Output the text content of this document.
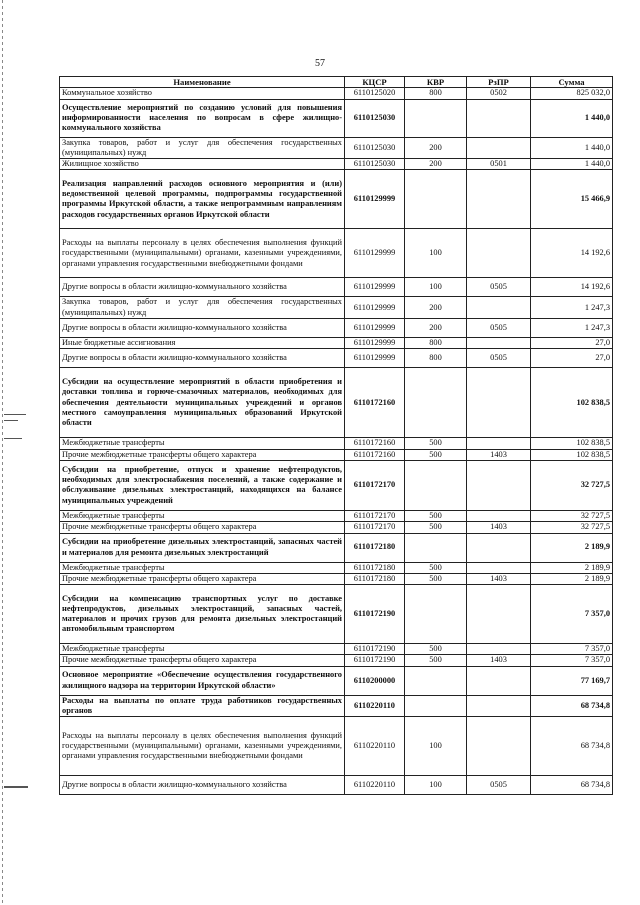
57
Наименование	КЦСР	КВР	РзПР	Сумма
Коммунальное хозяйство	6110125020	800	0502	825 032,0
Осуществление мероприятий по созданию условий для повышения информированности населения по вопросам в сфере жилищно-коммунального хозяйства	6110125030			1 440,0
Закупка товаров, работ и услуг для обеспечения государственных (муниципальных) нужд	6110125030	200		1 440,0
Жилищное хозяйство	6110125030	200	0501	1 440,0
Реализация направлений расходов основного мероприятия и (или) ведомственной целевой программы, подпрограммы государственной программы Иркутской области, а также непрограммным направлениям расходов государственных органов Иркутской области	6110129999			15 466,9
Расходы на выплаты персоналу в целях обеспечения выполнения функций государственными (муниципальными) органами, казенными учреждениями, органами управления государственными внебюджетными фондами	6110129999	100		14 192,6
Другие вопросы в области жилищно-коммунального хозяйства	6110129999	100	0505	14 192,6
Закупка товаров, работ и услуг для обеспечения государственных (муниципальных) нужд	6110129999	200		1 247,3
Другие вопросы в области жилищно-коммунального хозяйства	6110129999	200	0505	1 247,3
Иные бюджетные ассигнования	6110129999	800		27,0
Другие вопросы в области жилищно-коммунального хозяйства	6110129999	800	0505	27,0
Субсидии на осуществление мероприятий в области приобретения и доставки топлива и горюче-смазочных материалов, необходимых для обеспечения деятельности муниципальных учреждений и органов местного самоуправления муниципальных образований Иркутской области	6110172160			102 838,5
Межбюджетные трансферты	6110172160	500		102 838,5
Прочие межбюджетные трансферты общего характера	6110172160	500	1403	102 838,5
Субсидии на приобретение, отпуск и хранение нефтепродуктов, необходимых для электроснабжения поселений, а также содержание и обслуживание дизельных электростанций, находящихся на балансе муниципальных учреждений	6110172170			32 727,5
Межбюджетные трансферты	6110172170	500		32 727,5
Прочие межбюджетные трансферты общего характера	6110172170	500	1403	32 727,5
Субсидии на приобретение дизельных электростанций, запасных частей и материалов для ремонта дизельных электростанций	6110172180			2 189,9
Межбюджетные трансферты	6110172180	500		2 189,9
Прочие межбюджетные трансферты общего характера	6110172180	500	1403	2 189,9
Субсидии на компенсацию транспортных услуг по доставке нефтепродуктов, дизельных электростанций, запасных частей, материалов и прочих грузов для ремонта дизельных электростанций автомобильным транспортом	6110172190			7 357,0
Межбюджетные трансферты	6110172190	500		7 357,0
Прочие межбюджетные трансферты общего характера	6110172190	500	1403	7 357,0
Основное мероприятие «Обеспечение осуществления государственного жилищного надзора на территории Иркутской области»	6110200000			77 169,7
Расходы на выплаты по оплате труда работников государственных органов	6110220110			68 734,8
Расходы на выплаты персоналу в целях обеспечения выполнения функций государственными (муниципальными) органами, казенными учреждениями, органами управления государственными внебюджетными фондами	6110220110	100		68 734,8
Другие вопросы в области жилищно-коммунального хозяйства	6110220110	100	0505	68 734,8
